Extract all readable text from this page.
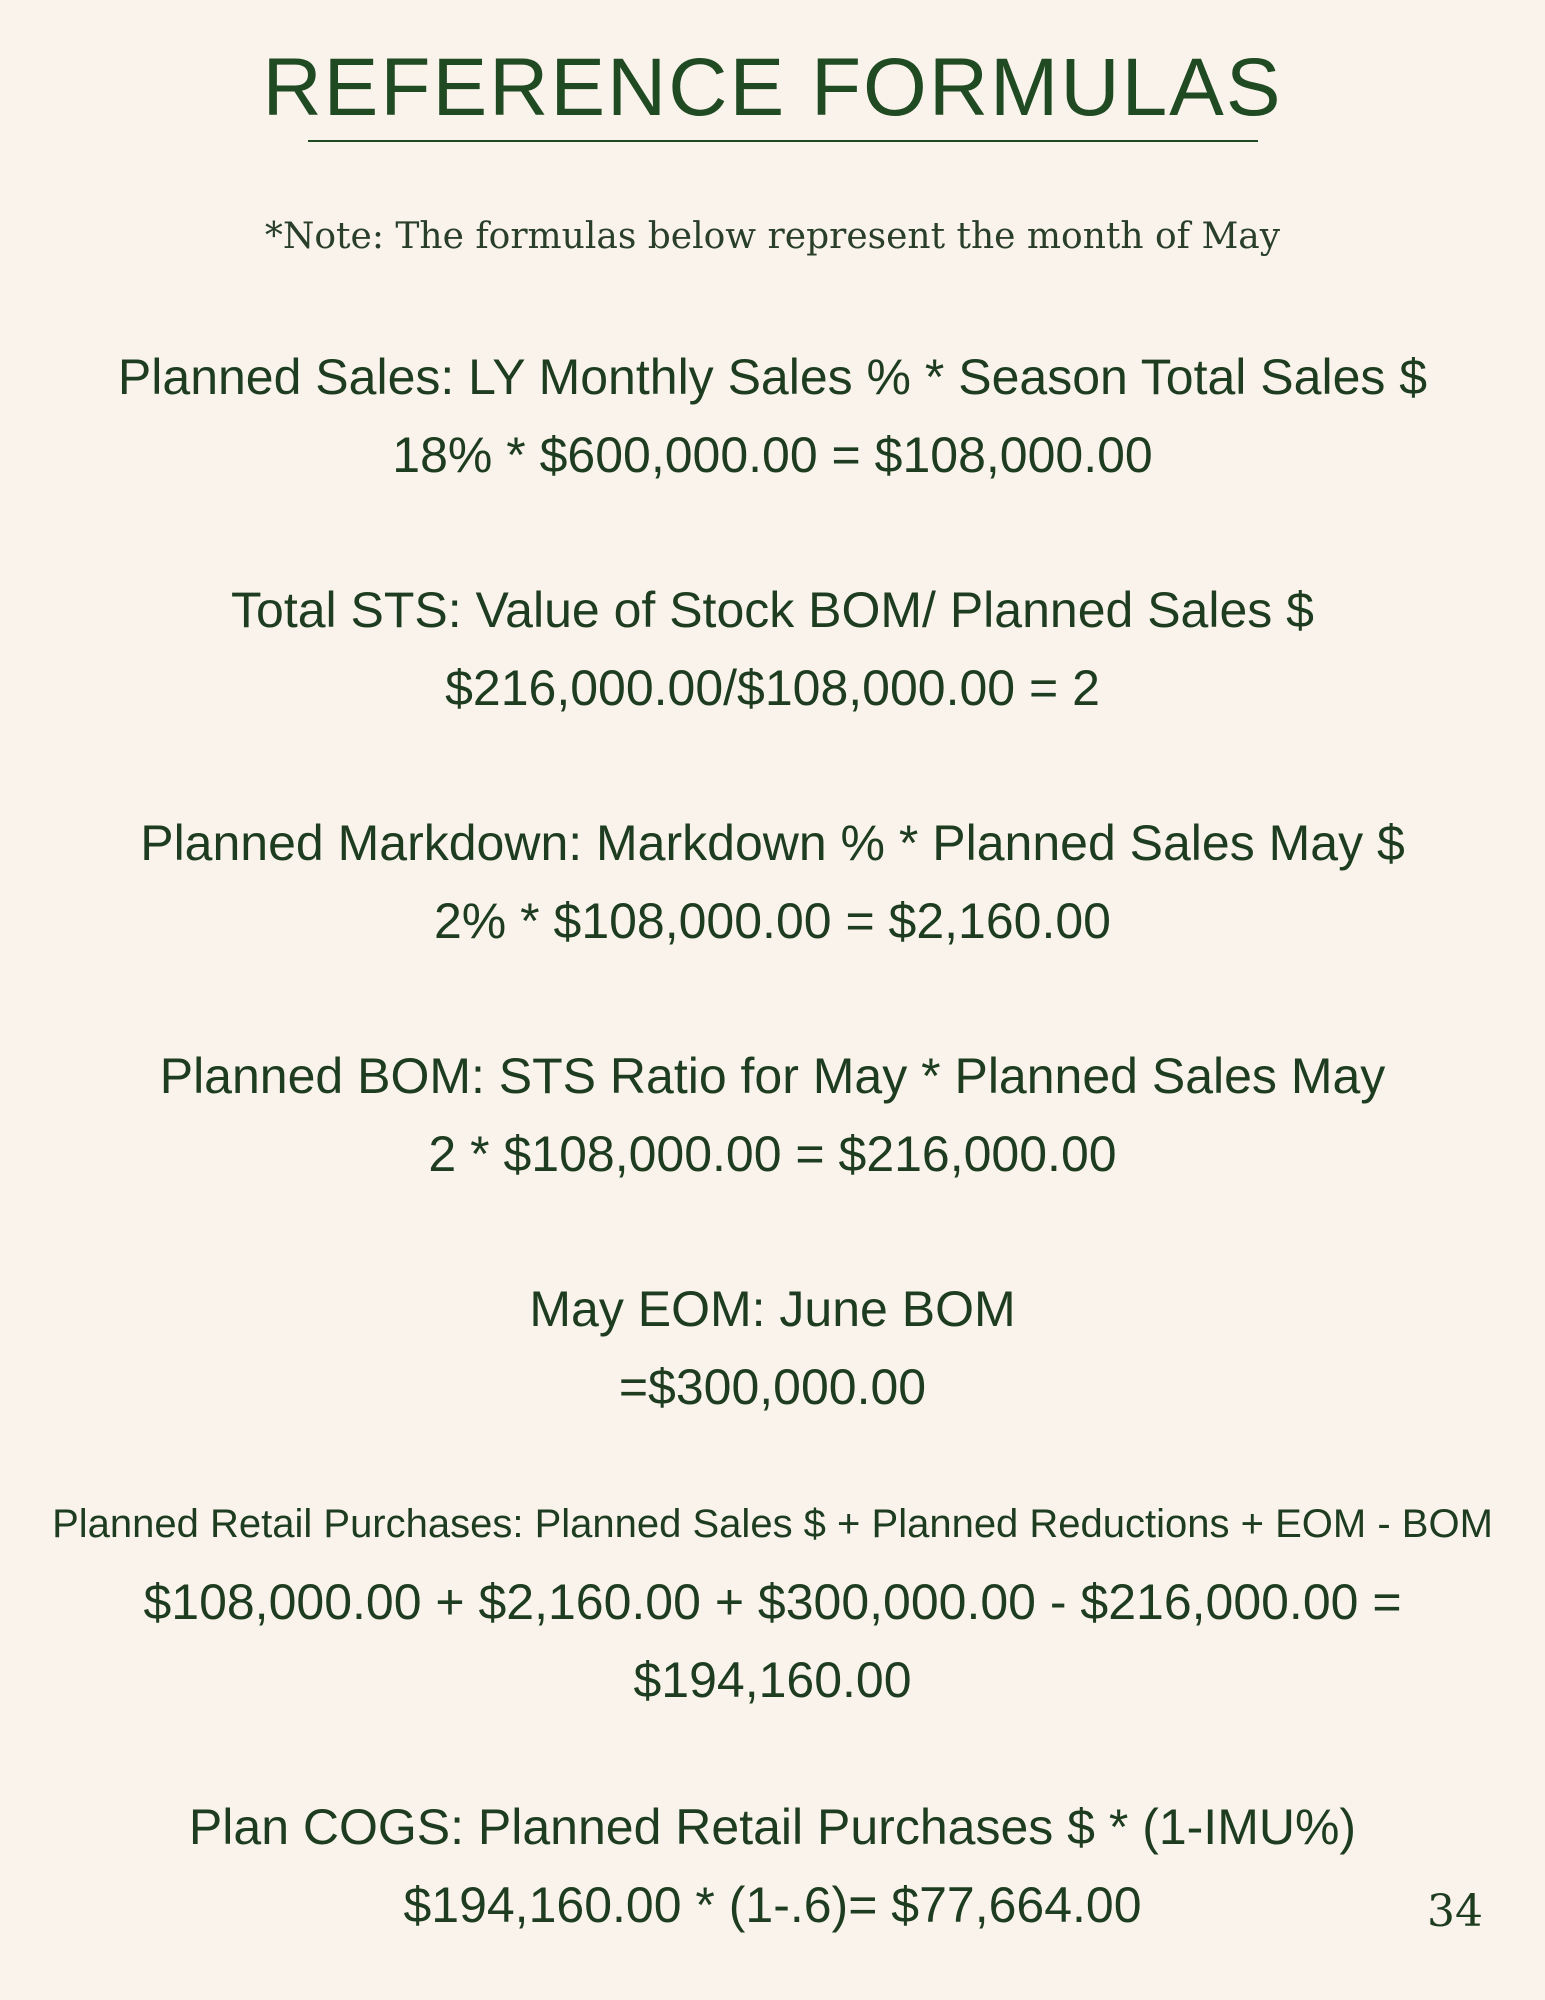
REFERENCE FORMULAS
*Note: The formulas below represent the month of May
Planned Sales: LY Monthly Sales % * Season Total Sales $
18% * $600,000.00 = $108,000.00
Total STS: Value of Stock BOM/ Planned Sales $
$216,000.00/$108,000.00 = 2
Planned Markdown: Markdown % * Planned Sales May $
2% * $108,000.00 = $2,160.00
Planned BOM: STS Ratio for May * Planned Sales May
2 * $108,000.00 = $216,000.00
May EOM: June BOM
=$300,000.00
Planned Retail Purchases: Planned Sales $ + Planned Reductions + EOM - BOM
$108,000.00 + $2,160.00 + $300,000.00 - $216,000.00 =
$194,160.00
Plan COGS: Planned Retail Purchases $ * (1-IMU%)
$194,160.00 * (1-.6)= $77,664.00	34
